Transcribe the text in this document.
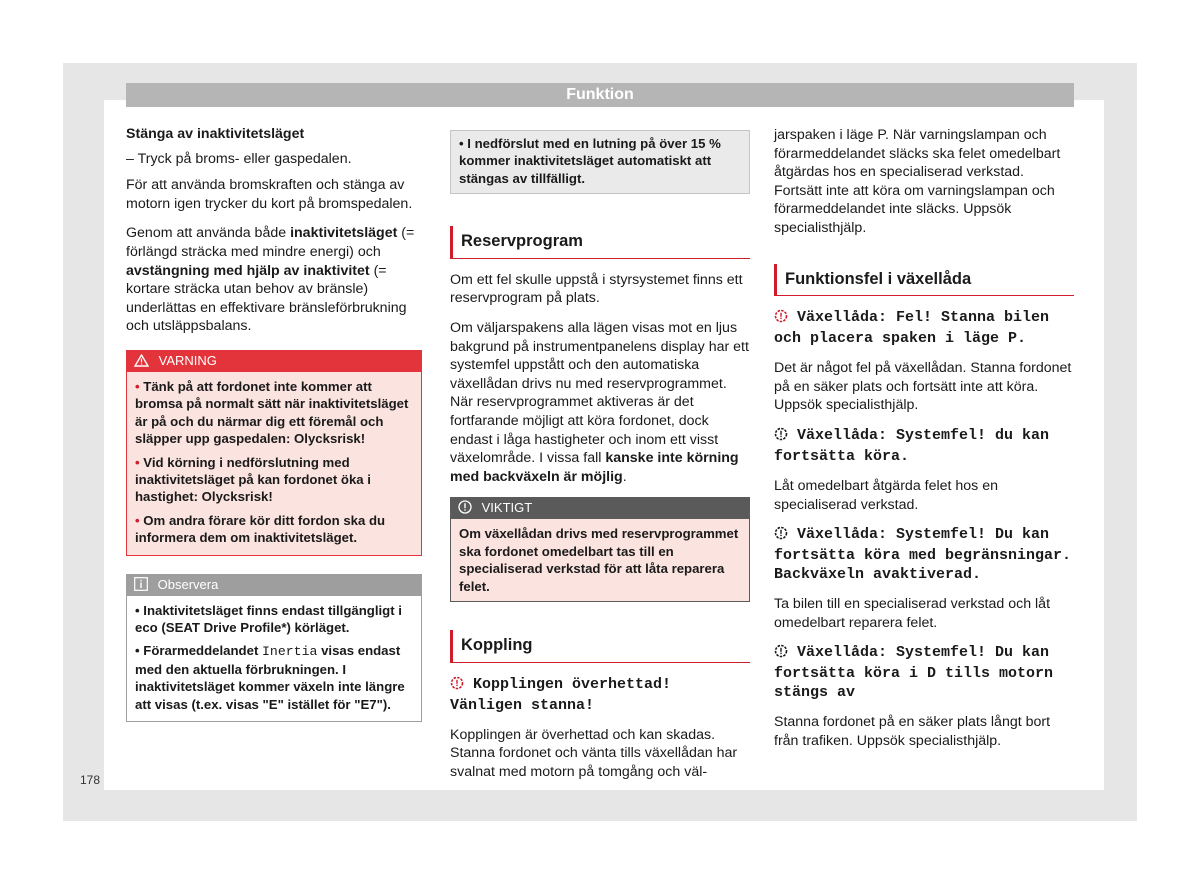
Funktion

Stänga av inaktivitetsläget

– Tryck på broms- eller gaspedalen.

För att använda bromskraften och stänga av motorn igen trycker du kort på bromspedalen.

Genom att använda både inaktivitetsläget (= förlängd sträcka med mindre energi) och avstängning med hjälp av inaktivitet (= kortare sträcka utan behov av bränsle) underlättas en effektivare bränsleförbrukning och utsläppsbalans.

VARNING

• Tänk på att fordonet inte kommer att bromsa på normalt sätt när inaktivitetsläget är på och du närmar dig ett föremål och släpper upp gaspedalen: Olycksrisk!

• Vid körning i nedförslutning med inaktivitetsläget på kan fordonet öka i hastighet: Olycksrisk!

• Om andra förare kör ditt fordon ska du informera dem om inaktivitetsläget.

Observera

• Inaktivitetsläget finns endast tillgängligt i eco (SEAT Drive Profile*) körläget.

• Förarmeddelandet Inertia visas endast med den aktuella förbrukningen. I inaktivitetsläget kommer växeln inte längre att visas (t.ex. visas "E" istället för "E7").

• I nedförslut med en lutning på över 15 % kommer inaktivitetsläget automatiskt att stängas av tillfälligt.
Reservprogram

Om ett fel skulle uppstå i styrsystemet finns ett reservprogram på plats.

Om väljarspakens alla lägen visas mot en ljus bakgrund på instrumentpanelens display har ett systemfel uppstått och den automatiska växellådan drivs nu med reservprogrammet. När reservprogrammet aktiveras är det fortfarande möjligt att köra fordonet, dock endast i låga hastigheter och inom ett visst växelområde. I vissa fall kanske inte körning med backväxeln är möjlig.

VIKTIGT
Om växellådan drivs med reservprogrammet ska fordonet omedelbart tas till en specialiserad verkstad för att låta reparera felet.
Koppling

Kopplingen överhettad! Vänligen stanna!

Kopplingen är överhettad och kan skadas. Stanna fordonet och vänta tills växellådan har svalnat med motorn på tomgång och väl-

jarspaken i läge P. När varningslampan och förarmeddelandet släcks ska felet omedelbart åtgärdas hos en specialiserad verkstad. Fortsätt inte att köra om varningslampan och förarmeddelandet inte släcks. Uppsök specialisthjälp.

Funktionsfel i växellåda

Växellåda: Fel! Stanna bilen och placera spaken i läge P.

Det är något fel på växellådan. Stanna fordonet på en säker plats och fortsätt inte att köra. Uppsök specialisthjälp.

Växellåda: Systemfel! du kan fortsätta köra.

Låt omedelbart åtgärda felet hos en specialiserad verkstad.

Växellåda: Systemfel! Du kan fortsätta köra med begränsningar. Backväxeln avaktiverad.

Ta bilen till en specialiserad verkstad och låt omedelbart reparera felet.

Växellåda: Systemfel! Du kan fortsätta köra i D tills motorn stängs av

Stanna fordonet på en säker plats långt bort från trafiken. Uppsök specialisthjälp.

178
